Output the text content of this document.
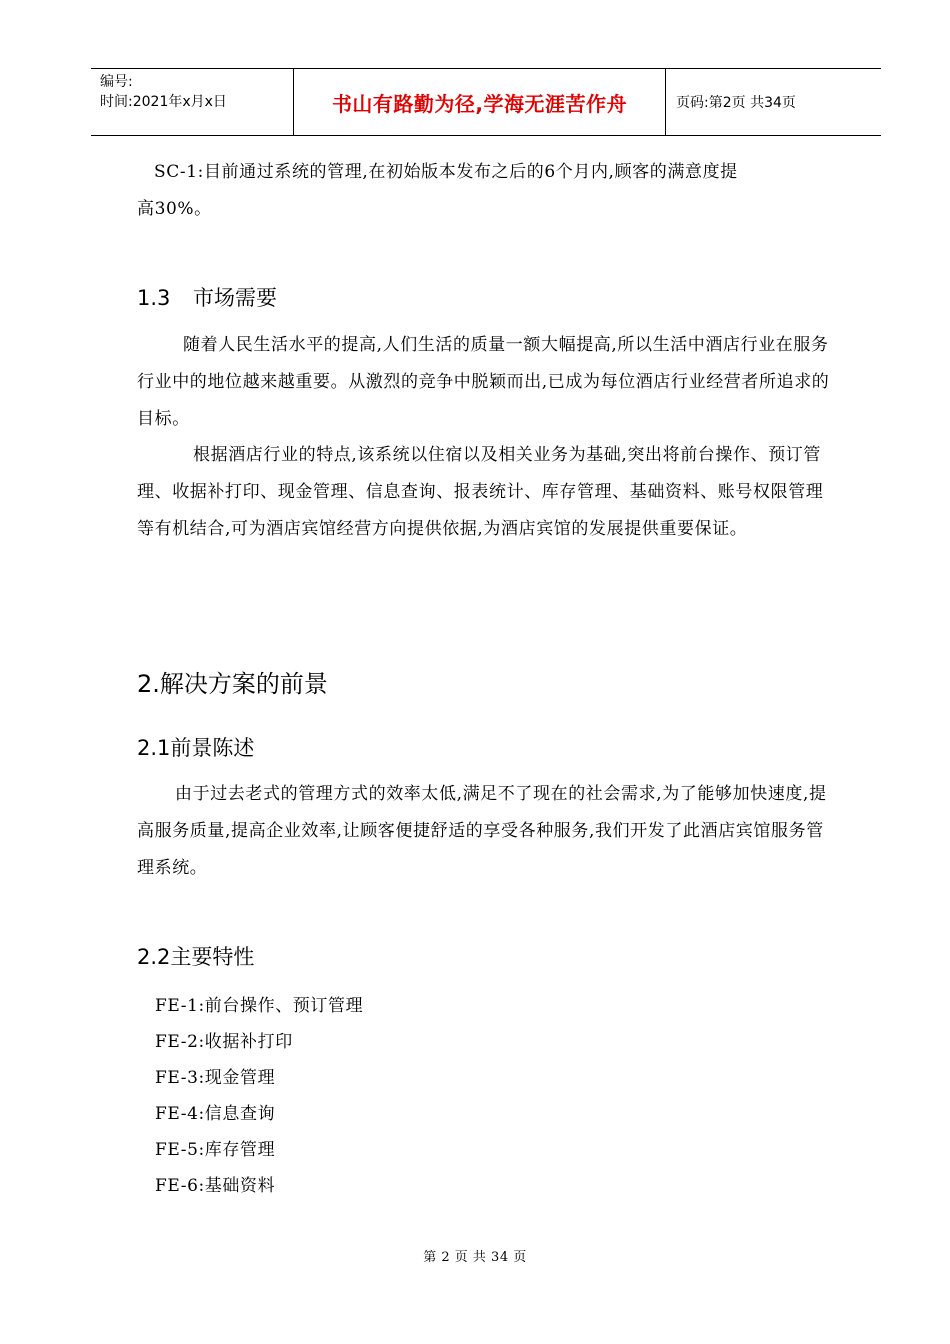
编号:
时间:2021年x月x日	书山有路勤为径,学海无涯苦作舟	页码:第2页 共34页

SC-1:目前通过系统的管理,在初始版本发布之后的6个月内,顾客的满意度提

高30%。

1.3 市场需要

随着人民生活水平的提高,人们生活的质量一额大幅提高,所以生活中酒店行业在服务行业中的地位越来越重要。从激烈的竞争中脱颖而出,已成为每位酒店行业经营者所追求的目标。

根据酒店行业的特点,该系统以住宿以及相关业务为基础,突出将前台操作、预订管理、收据补打印、现金管理、信息查询、报表统计、库存管理、基础资料、账号权限管理等有机结合,可为酒店宾馆经营方向提供依据,为酒店宾馆的发展提供重要保证。

2.解决方案的前景
2.1前景陈述

由于过去老式的管理方式的效率太低,满足不了现在的社会需求,为了能够加快速度,提高服务质量,提高企业效率,让顾客便捷舒适的享受各种服务,我们开发了此酒店宾馆服务管理系统。

2.2主要特性
FE-1:前台操作、预订管理
FE-2:收据补打印
FE-3:现金管理
FE-4:信息查询
FE-5:库存管理
FE-6:基础资料
第 2 页 共 34 页
